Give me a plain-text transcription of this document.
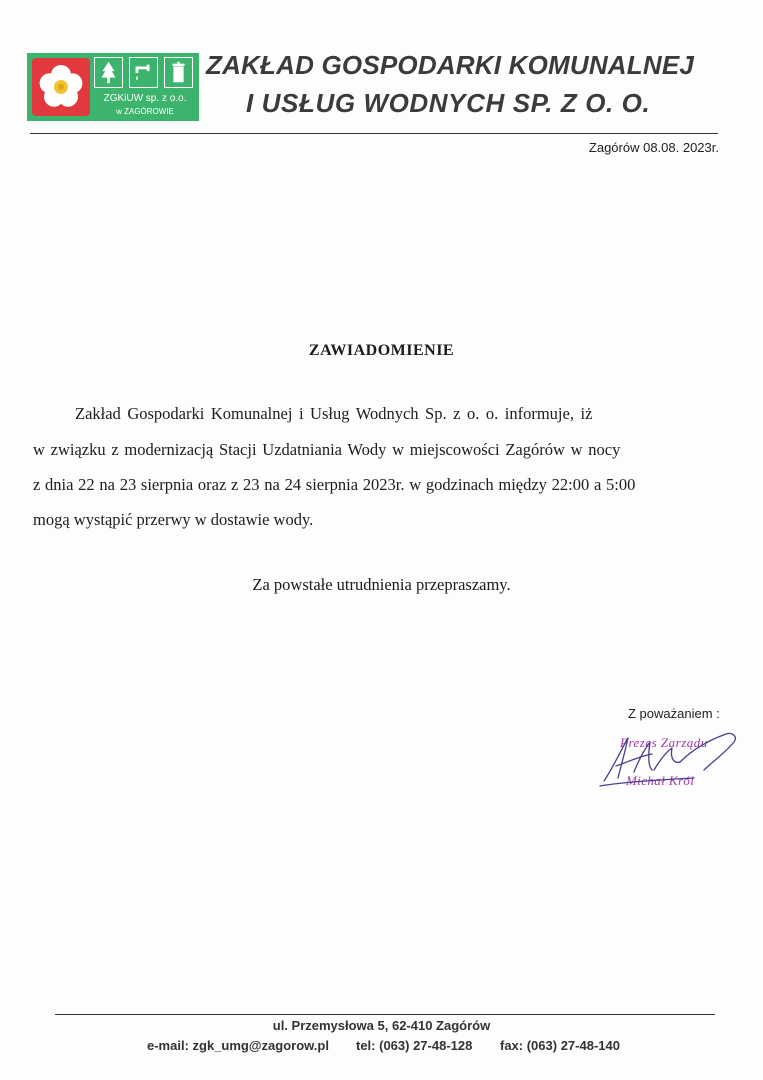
ZGKiUW sp. z o.o.
w ZAGÓROWIE
ZAKŁAD GOSPODARKI KOMUNALNEJ
I USŁUG WODNYCH SP. Z O. O.
Zagórów 08.08. 2023r.
ZAWIADOMIENIE
Zakład Gospodarki Komunalnej i Usług Wodnych Sp. z o. o. informuje, iż
w związku z modernizacją Stacji Uzdatniania Wody w miejscowości Zagórów w nocy
z dnia 22 na 23 sierpnia oraz z 23 na 24 sierpnia 2023r. w godzinach między 22:00 a 5:00
mogą wystąpić przerwy w dostawie wody.
Za powstałe utrudnienia przepraszamy.
Z poważaniem :
Prezes Zarządu
Michał Król
ul. Przemysłowa 5, 62-410 Zagórów
e-mail: zgk_umg@zagorow.pl tel: (063) 27-48-128 fax: (063) 27-48-140
